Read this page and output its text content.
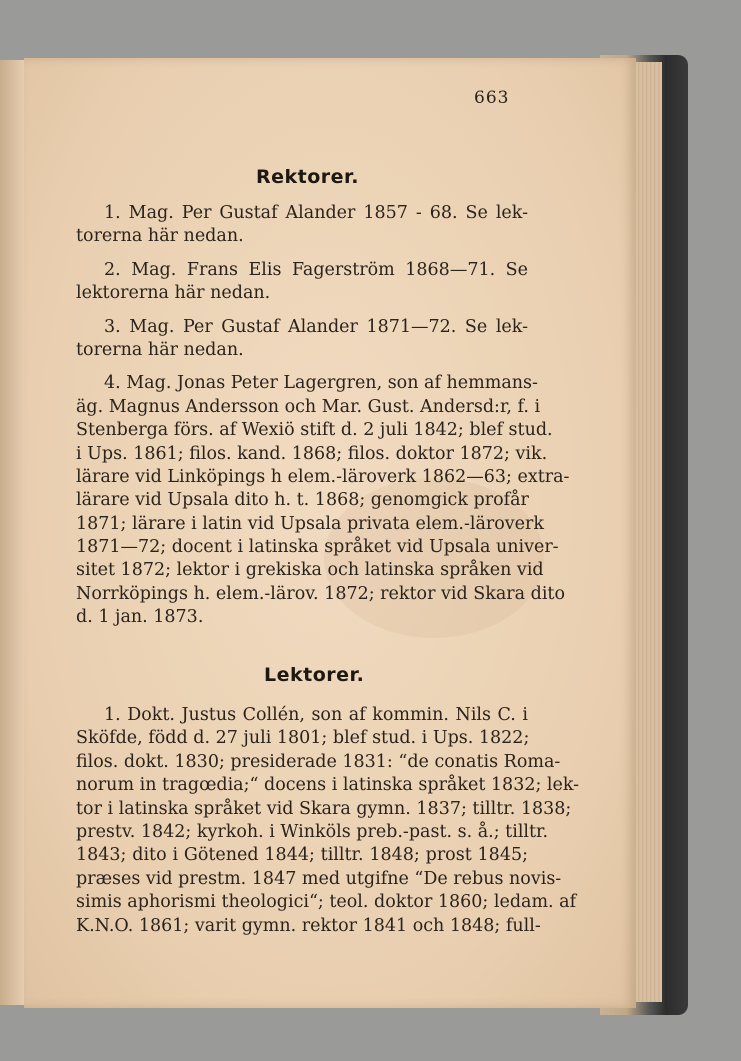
663
Rektorer.
1. Mag. Per Gustaf Alander 1857 - 68. Se lek-
torerna här nedan.
2. Mag. Frans Elis Fagerström 1868—71. Se
lektorerna här nedan.
3. Mag. Per Gustaf Alander 1871—72. Se lek-
torerna här nedan.
4. Mag. Jonas Peter Lagergren, son af hemmans-
äg. Magnus Andersson och Mar. Gust. Andersd:r, f. i
Stenberga förs. af Wexiö stift d. 2 juli 1842; blef stud.
i Ups. 1861; filos. kand. 1868; filos. doktor 1872; vik.
lärare vid Linköpings h elem.-läroverk 1862—63; extra-
lärare vid Upsala dito h. t. 1868; genomgick profår
1871; lärare i latin vid Upsala privata elem.-läroverk
1871—72; docent i latinska språket vid Upsala univer-
sitet 1872; lektor i grekiska och latinska språken vid
Norrköpings h. elem.-lärov. 1872; rektor vid Skara dito
d. 1 jan. 1873.
Lektorer.
1. Dokt. Justus Collén, son af kommin. Nils C. i
Sköfde, född d. 27 juli 1801; blef stud. i Ups. 1822;
filos. dokt. 1830; presiderade 1831: “de conatis Roma-
norum in tragœdia;“ docens i latinska språket 1832; lek-
tor i latinska språket vid Skara gymn. 1837; tilltr. 1838;
prestv. 1842; kyrkoh. i Winköls preb.-past. s. å.; tilltr.
1843; dito i Götened 1844; tilltr. 1848; prost 1845;
præses vid prestm. 1847 med utgifne “De rebus novis-
simis aphorismi theologici“; teol. doktor 1860; ledam. af
K.N.O. 1861; varit gymn. rektor 1841 och 1848; full-
